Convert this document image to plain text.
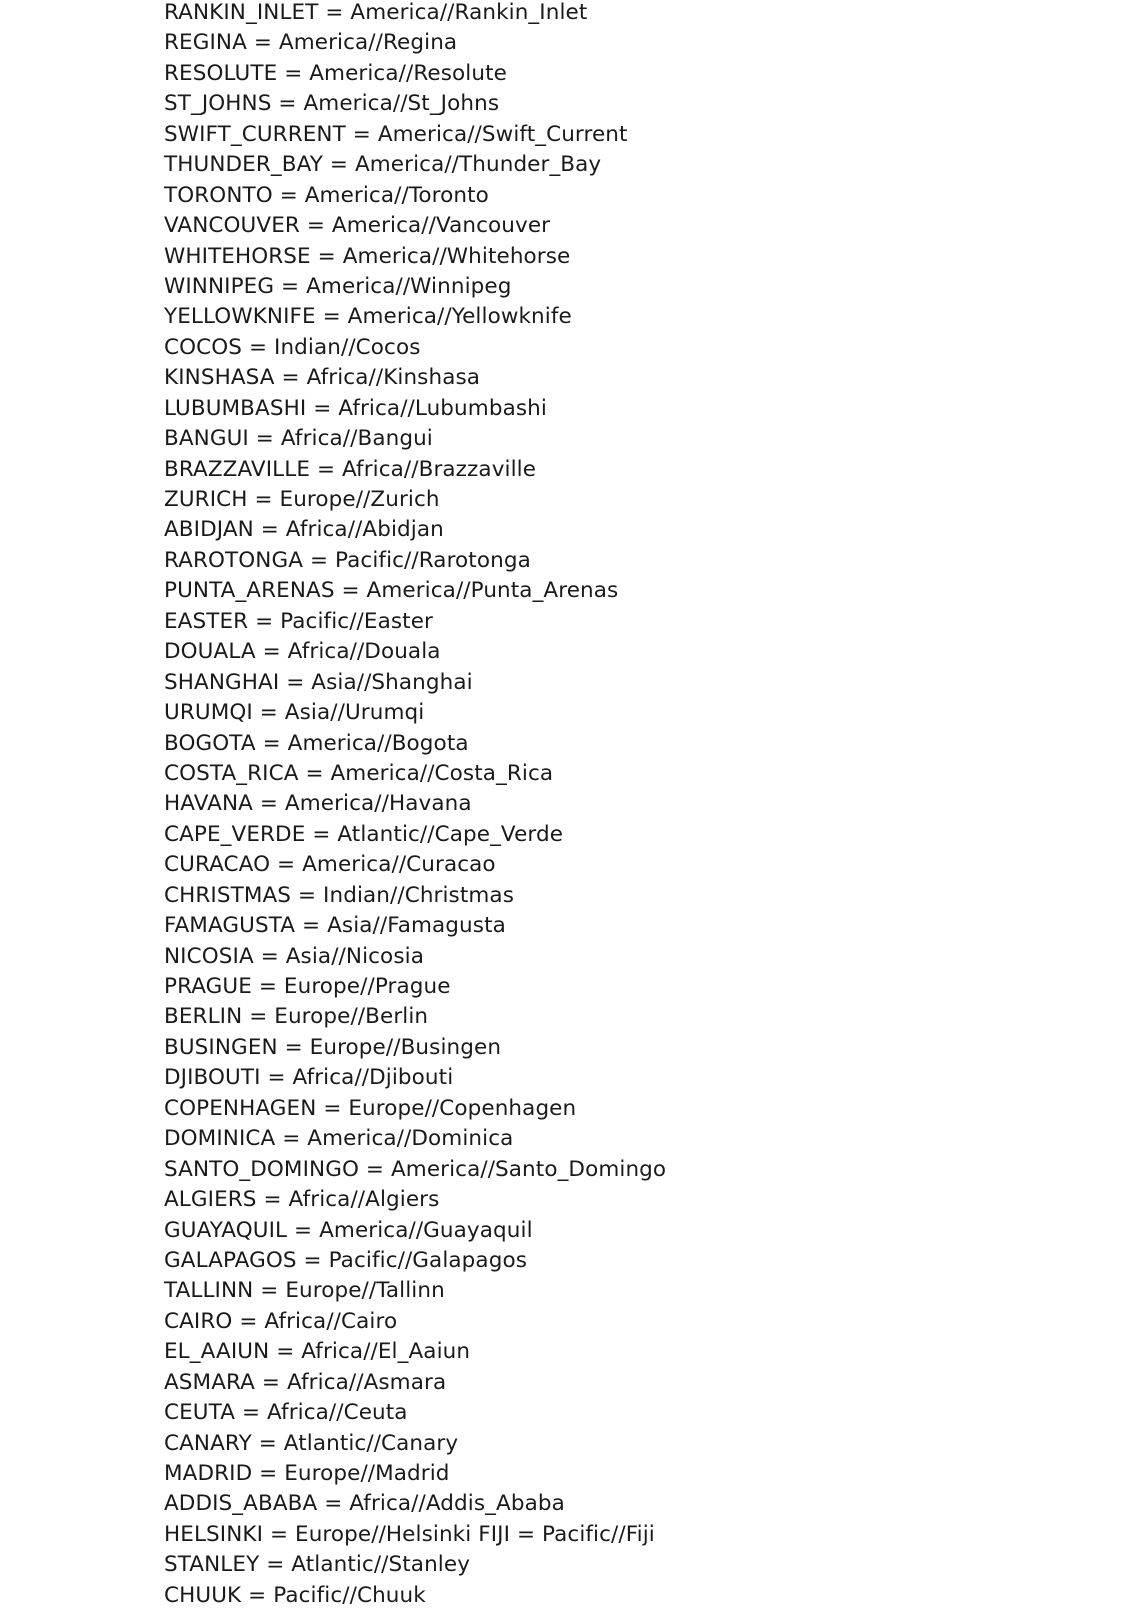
RANKIN_INLET = America//Rankin_Inlet
REGINA = America//Regina
RESOLUTE = America//Resolute
ST_JOHNS = America//St_Johns
SWIFT_CURRENT = America//Swift_Current
THUNDER_BAY = America//Thunder_Bay
TORONTO = America//Toronto
VANCOUVER = America//Vancouver
WHITEHORSE = America//Whitehorse
WINNIPEG = America//Winnipeg
YELLOWKNIFE = America//Yellowknife
COCOS = Indian//Cocos
KINSHASA = Africa//Kinshasa
LUBUMBASHI = Africa//Lubumbashi
BANGUI = Africa//Bangui
BRAZZAVILLE = Africa//Brazzaville
ZURICH = Europe//Zurich
ABIDJAN = Africa//Abidjan
RAROTONGA = Pacific//Rarotonga
PUNTA_ARENAS = America//Punta_Arenas
EASTER = Pacific//Easter
DOUALA = Africa//Douala
SHANGHAI = Asia//Shanghai
URUMQI = Asia//Urumqi
BOGOTA = America//Bogota
COSTA_RICA = America//Costa_Rica
HAVANA = America//Havana
CAPE_VERDE = Atlantic//Cape_Verde
CURACAO = America//Curacao
CHRISTMAS = Indian//Christmas
FAMAGUSTA = Asia//Famagusta
NICOSIA = Asia//Nicosia
PRAGUE = Europe//Prague
BERLIN = Europe//Berlin
BUSINGEN = Europe//Busingen
DJIBOUTI = Africa//Djibouti
COPENHAGEN = Europe//Copenhagen
DOMINICA = America//Dominica
SANTO_DOMINGO = America//Santo_Domingo
ALGIERS = Africa//Algiers
GUAYAQUIL = America//Guayaquil
GALAPAGOS = Pacific//Galapagos
TALLINN = Europe//Tallinn
CAIRO = Africa//Cairo
EL_AAIUN = Africa//El_Aaiun
ASMARA = Africa//Asmara
CEUTA = Africa//Ceuta
CANARY = Atlantic//Canary
MADRID = Europe//Madrid
ADDIS_ABABA = Africa//Addis_Ababa
HELSINKI = Europe//Helsinki FIJI = Pacific//Fiji
STANLEY = Atlantic//Stanley
CHUUK = Pacific//Chuuk
